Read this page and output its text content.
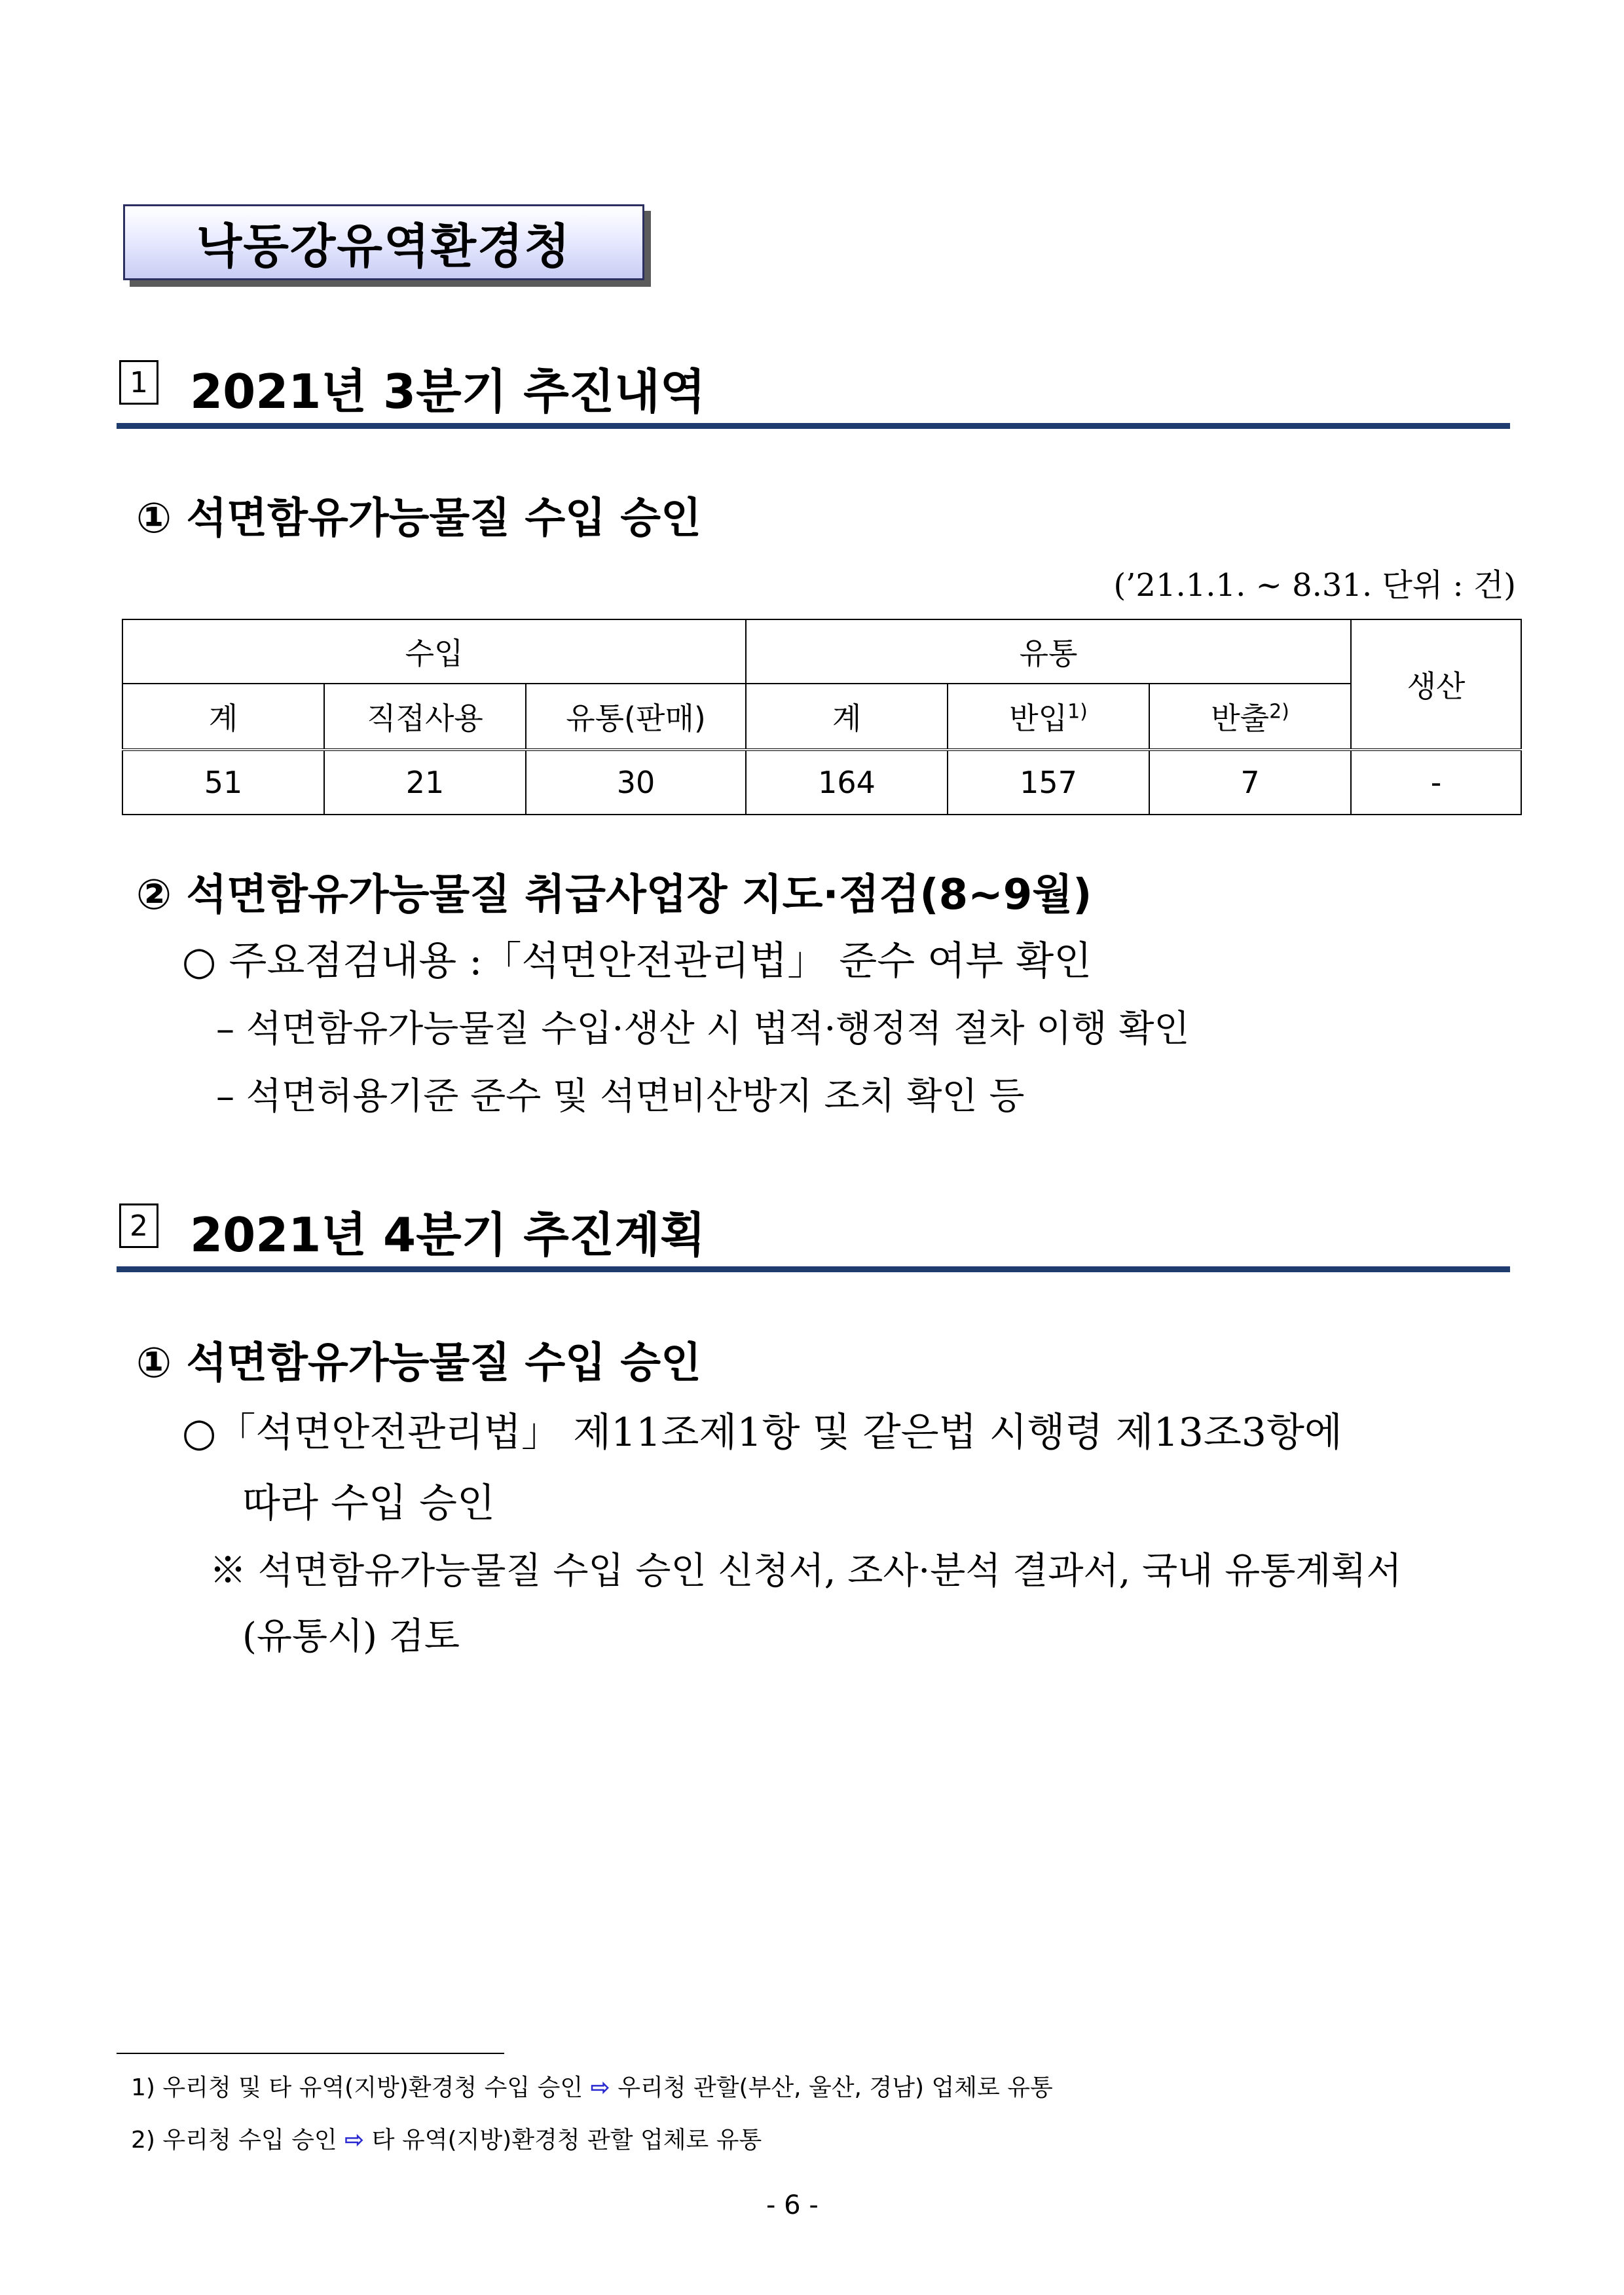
낙동강유역환경청
1 2021년 3분기 추진내역
① 석면함유가능물질 수입 승인
(’21.1.1. ~ 8.31. 단위 : 건)
수입			유통			생산
계	직접사용	유통(판매)	계	반입$^{1)}$	반출$^{2)}$
51	21	30	164	157	7	-
② 석면함유가능물질 취급사업장 지도·점검(8~9월)
○ 주요점검내용 :「석면안전관리법」 준수 여부 확인
– 석면함유가능물질 수입·생산 시 법적·행정적 절차 이행 확인
– 석면허용기준 준수 및 석면비산방지 조치 확인 등
2 2021년 4분기 추진계획
① 석면함유가능물질 수입 승인
○「석면안전관리법」 제11조제1항 및 같은법 시행령 제13조3항에
따라 수입 승인
※ 석면함유가능물질 수입 승인 신청서, 조사·분석 결과서, 국내 유통계획서
(유통시) 검토
1) 우리청 및 타 유역(지방)환경청 수입 승인 ⇨ 우리청 관할(부산, 울산, 경남) 업체로 유통
2) 우리청 수입 승인 ⇨ 타 유역(지방)환경청 관할 업체로 유통
- 6 -
